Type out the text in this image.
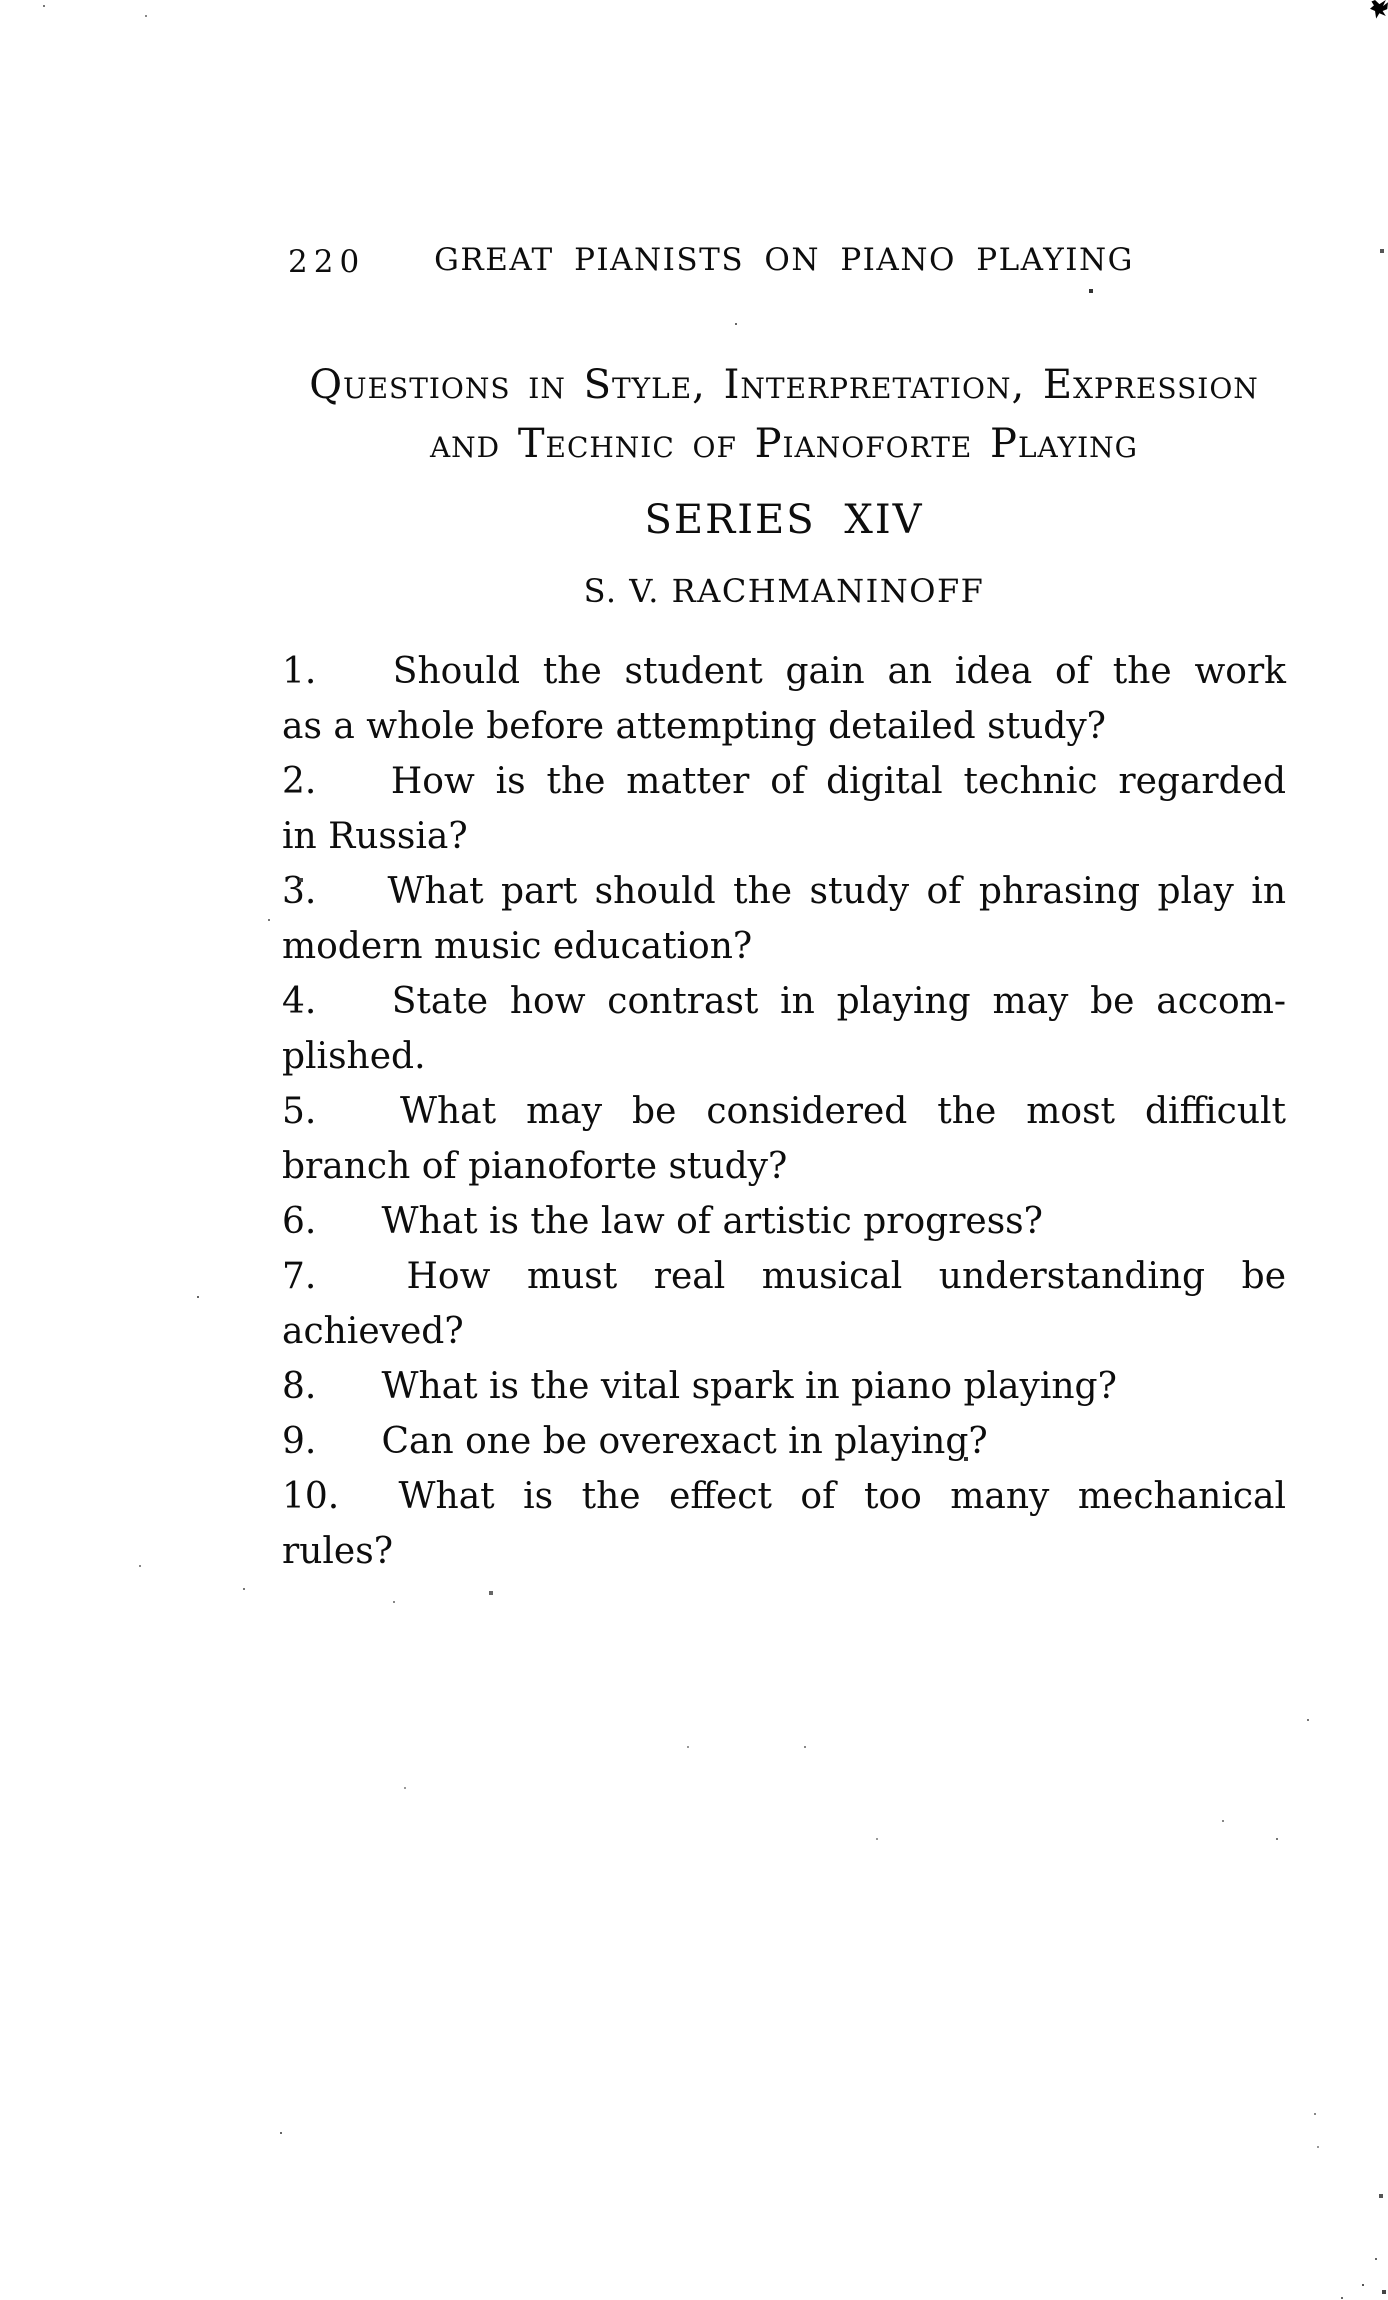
220	GREAT PIANISTS ON PIANO PLAYING
Questions in Style, Interpretation, Expression
and Technic of Pianoforte Playing
SERIES XIV
S. V. RACHMANINOFF
1. Should the student gain an idea of the work
as a whole before attempting detailed study?
2. How is the matter of digital technic regarded
in Russia?
3. What part should the study of phrasing play in
modern music education?
4. State how contrast in playing may be accom-
plished.
5. What may be considered the most difficult
branch of pianoforte study?
6. What is the law of artistic progress?
7. How must real musical understanding be
achieved?
8. What is the vital spark in piano playing?
9. Can one be overexact in playing?
10. What is the effect of too many mechanical
rules?
